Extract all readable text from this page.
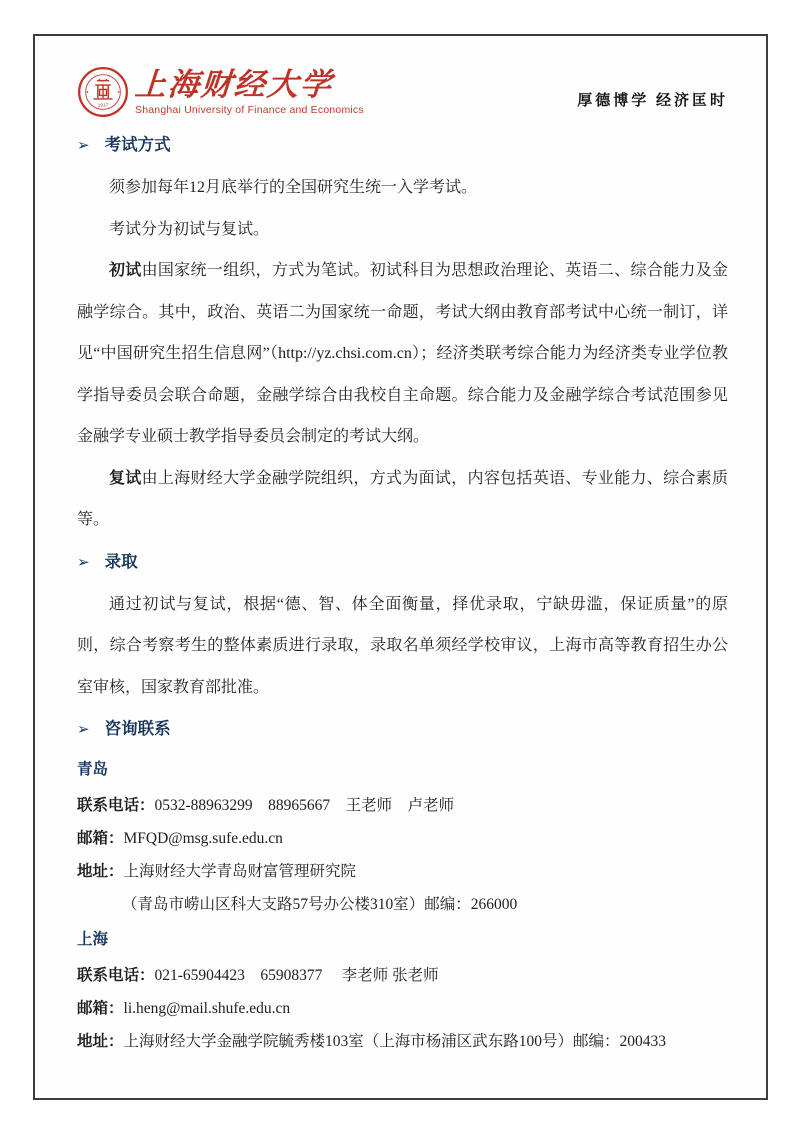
1917
上海财经大学
Shanghai University of Finance and Economics
厚德博学 经济匡时
➢ 考试方式

须参加每年12月底举行的全国研究生统一入学考试。

考试分为初试与复试。

初试由国家统一组织，方式为笔试。初试科目为思想政治理论、英语二、综合能力及金融学综合。其中，政治、英语二为国家统一命题，考试大纲由教育部考试中心统一制订，详见“中国研究生招生信息网”（http://yz.chsi.com.cn）；经济类联考综合能力为经济类专业学位教学指导委员会联合命题，金融学综合由我校自主命题。综合能力及金融学综合考试范围参见金融学专业硕士教学指导委员会制定的考试大纲。

复试由上海财经大学金融学院组织，方式为面试，内容包括英语、专业能力、综合素质等。

➢ 录取

通过初试与复试，根据“德、智、体全面衡量，择优录取，宁缺毋滥，保证质量”的原则，综合考察考生的整体素质进行录取，录取名单须经学校审议，上海市高等教育招生办公室审核，国家教育部批准。

➢ 咨询联系
青岛
联系电话：0532-88963299　88965667　王老师　卢老师
邮箱：MFQD@msg.sufe.edu.cn
地址：上海财经大学青岛财富管理研究院
（青岛市崂山区科大支路57号办公楼310室）邮编：266000
上海
联系电话：021-65904423　65908377　 李老师 张老师
邮箱：li.heng@mail.shufe.edu.cn
地址：上海财经大学金融学院毓秀楼103室（上海市杨浦区武东路100号）邮编：200433
